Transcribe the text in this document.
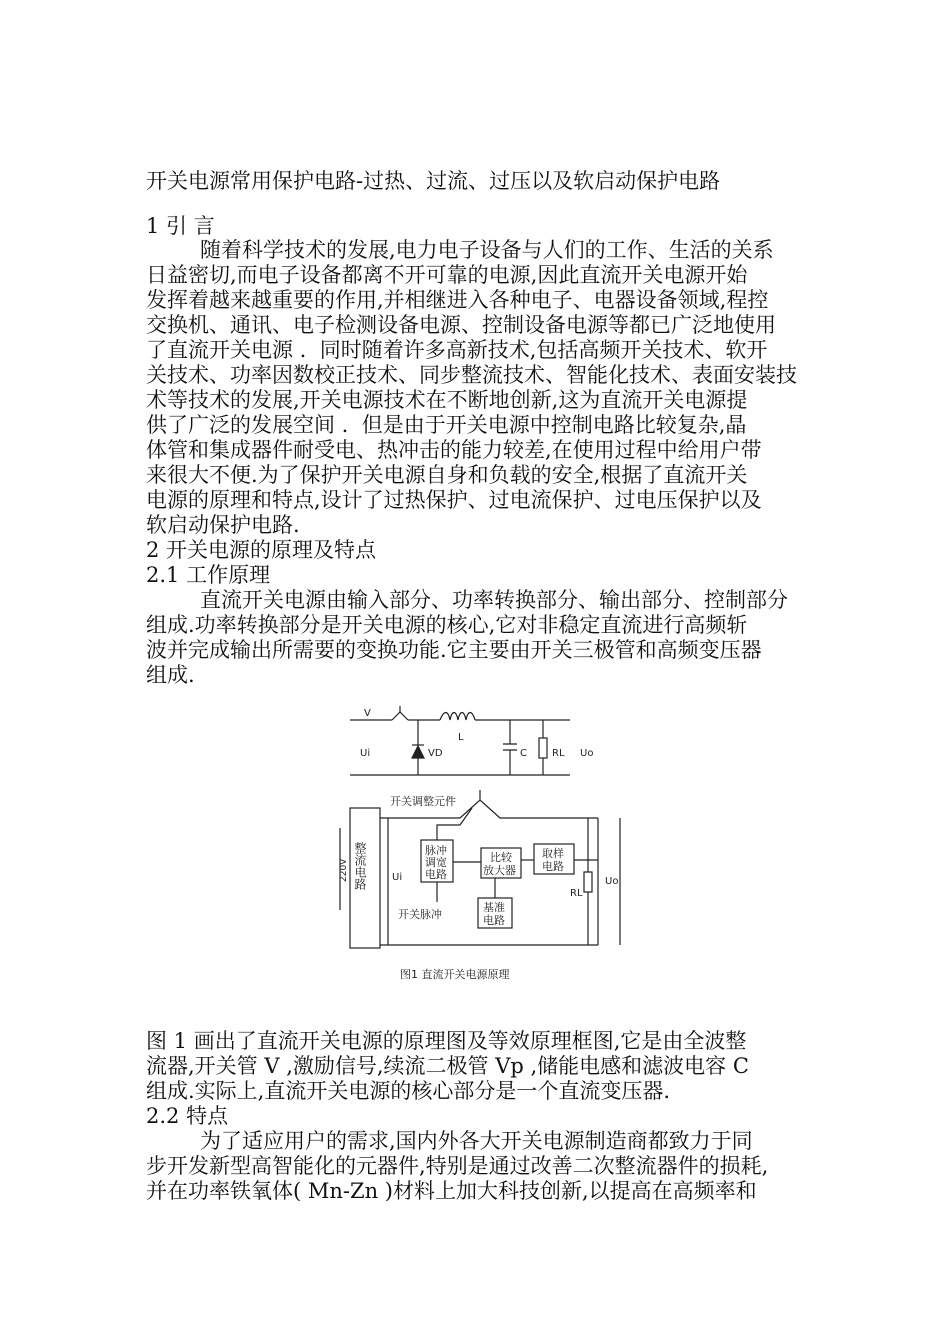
开关电源常用保护电路-过热、过流、过压以及软启动保护电路
1 引 言
随着科学技术的发展,电力电子设备与人们的工作、生活的关系
日益密切,而电子设备都离不开可靠的电源,因此直流开关电源开始
发挥着越来越重要的作用,并相继进入各种电子、电器设备领域,程控
交换机、通讯、电子检测设备电源、控制设备电源等都已广泛地使用
了直流开关电源 .  同时随着许多高新技术,包括高频开关技术、软开
关技术、功率因数校正技术、同步整流技术、智能化技术、表面安装技
术等技术的发展,开关电源技术在不断地创新,这为直流开关电源提
供了广泛的发展空间 .  但是由于开关电源中控制电路比较复杂,晶
体管和集成器件耐受电、热冲击的能力较差,在使用过程中给用户带
来很大不便.为了保护开关电源自身和负载的安全,根据了直流开关
电源的原理和特点,设计了过热保护、过电流保护、过电压保护以及
软启动保护电路.
2 开关电源的原理及特点
2.1 工作原理
直流开关电源由输入部分、功率转换部分、输出部分、控制部分
组成.功率转换部分是开关电源的核心,它对非稳定直流进行高频斩
波并完成输出所需要的变换功能.它主要由开关三极管和高频变压器
组成.
V
Ui	VD
L
C	RL Uo
开关调整元件
220V 整流电路	Ui
脉冲
调宽
电路
比较
放大器
取样
电路
基准
电路
开关脉冲
RL
Uo
图1 直流开关电源原理
图 1 画出了直流开关电源的原理图及等效原理框图,它是由全波整
流器,开关管 V ,激励信号,续流二极管 Vp ,储能电感和滤波电容 C
组成.实际上,直流开关电源的核心部分是一个直流变压器.
2.2 特点
为了适应用户的需求,国内外各大开关电源制造商都致力于同
步开发新型高智能化的元器件,特别是通过改善二次整流器件的损耗,
并在功率铁氧体( Mn-Zn )材料上加大科技创新,以提高在高频率和
